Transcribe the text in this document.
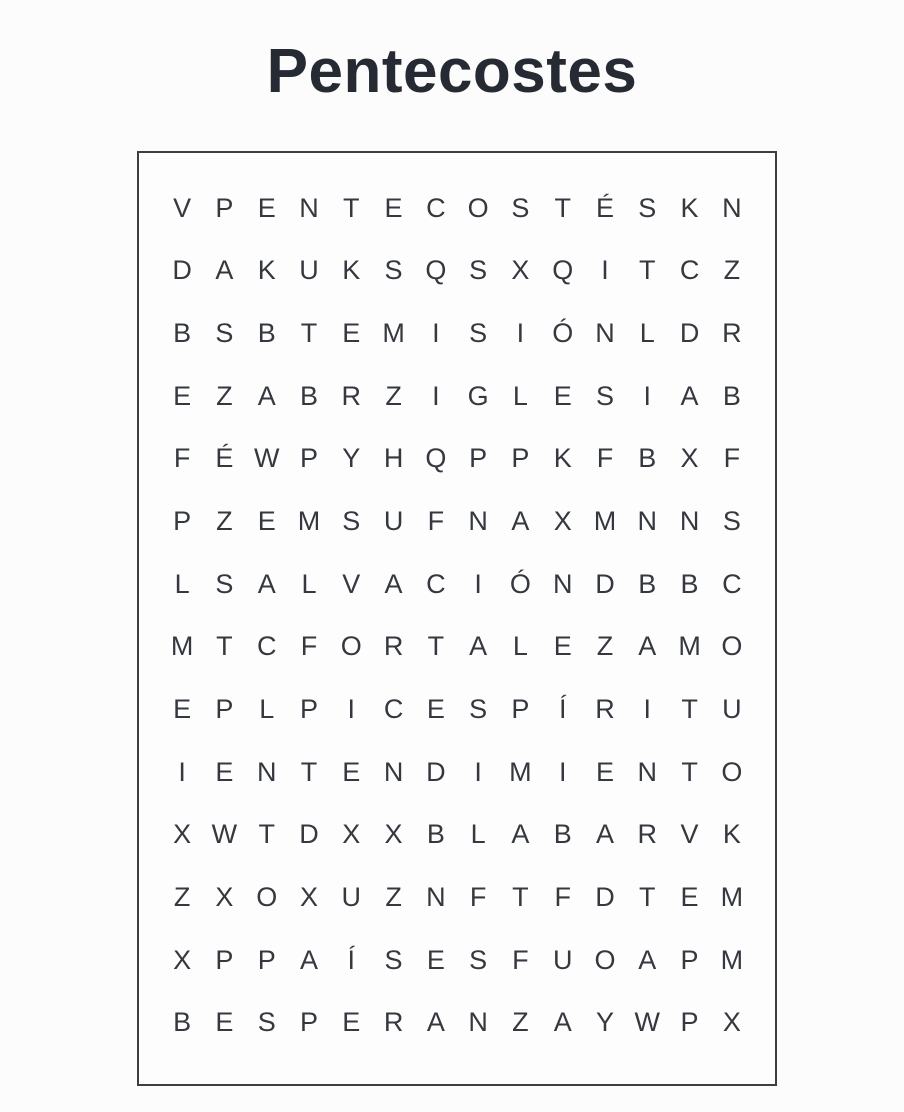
Pentecostes
V P E N T E C O S T É S K N
D A K U K S Q S X Q	I	T C Z
B S B T E M	I	S	I	Ó N L D R
E Z A B R Z	I	G L E S	I	A B
F É W P Y H Q P P K F B X F
P Z E M S U F N A X M N N S
L S A L V A C	I	Ó N D B B C
M T C F O R T A L E Z A M O
E P L P	I	C E S P	Í	R	I	T U
I	E N T E N D	I	M	I	E N T O
X W T D X X B L A B A R V K
Z X O X U Z N F T F D T E M
X P P A	Í	S E S F U O A P M
B E S P E R A N Z A Y W P X
